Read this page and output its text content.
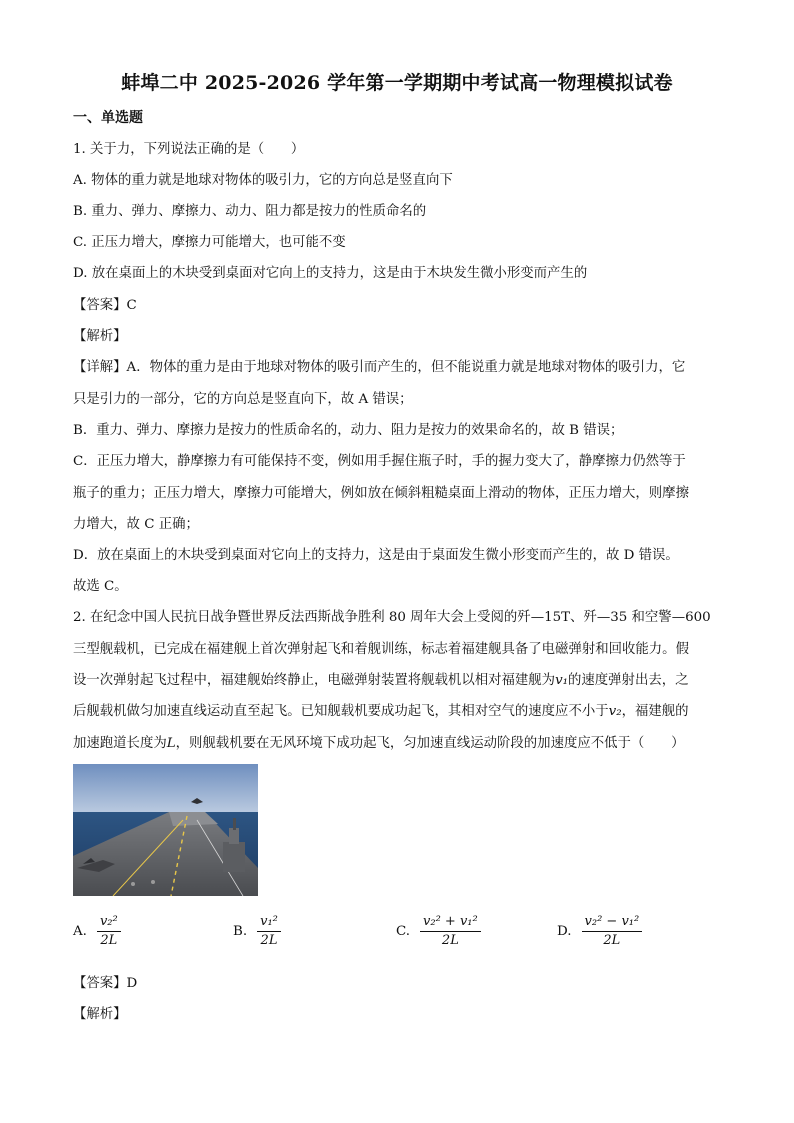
蚌埠二中 2025-2026 学年第一学期期中考试高一物理模拟试卷
一、单选题
1. 关于力，下列说法正确的是（　　）
A. 物体的重力就是地球对物体的吸引力，它的方向总是竖直向下
B. 重力、弹力、摩擦力、动力、阻力都是按力的性质命名的
C. 正压力增大，摩擦力可能增大，也可能不变
D. 放在桌面上的木块受到桌面对它向上的支持力，这是由于木块发生微小形变而产生的
【答案】C
【解析】
【详解】A．物体的重力是由于地球对物体的吸引而产生的，但不能说重力就是地球对物体的吸引力，它
只是引力的一部分，它的方向总是竖直向下，故 A 错误；
B．重力、弹力、摩擦力是按力的性质命名的，动力、阻力是按力的效果命名的，故 B 错误；
C．正压力增大，静摩擦力有可能保持不变，例如用手握住瓶子时，手的握力变大了，静摩擦力仍然等于
瓶子的重力；正压力增大，摩擦力可能增大，例如放在倾斜粗糙桌面上滑动的物体，正压力增大，则摩擦
力增大，故 C 正确；
D．放在桌面上的木块受到桌面对它向上的支持力，这是由于桌面发生微小形变而产生的，故 D 错误。
故选 C。
2. 在纪念中国人民抗日战争暨世界反法西斯战争胜利 80 周年大会上受阅的歼—15T、歼—35 和空警—600
三型舰载机，已完成在福建舰上首次弹射起飞和着舰训练，标志着福建舰具备了电磁弹射和回收能力。假
设一次弹射起飞过程中，福建舰始终静止，电磁弹射装置将舰载机以相对福建舰为v₁的速度弹射出去，之
后舰载机做匀加速直线运动直至起飞。已知舰载机要成功起飞，其相对空气的速度应不小于v₂，福建舰的
加速跑道长度为L，则舰载机要在无风环境下成功起飞，匀加速直线运动阶段的加速度应不低于（　　）
A. $\frac{\text{v₂²}}{2L}$	B. $\frac{\text{v₁²}}{2L}$	C. $\frac{\text{v₂² + v₁²}}{2L}$	D. $\frac{\text{v₂² − v₁²}}{2L}$
【答案】D
【解析】
